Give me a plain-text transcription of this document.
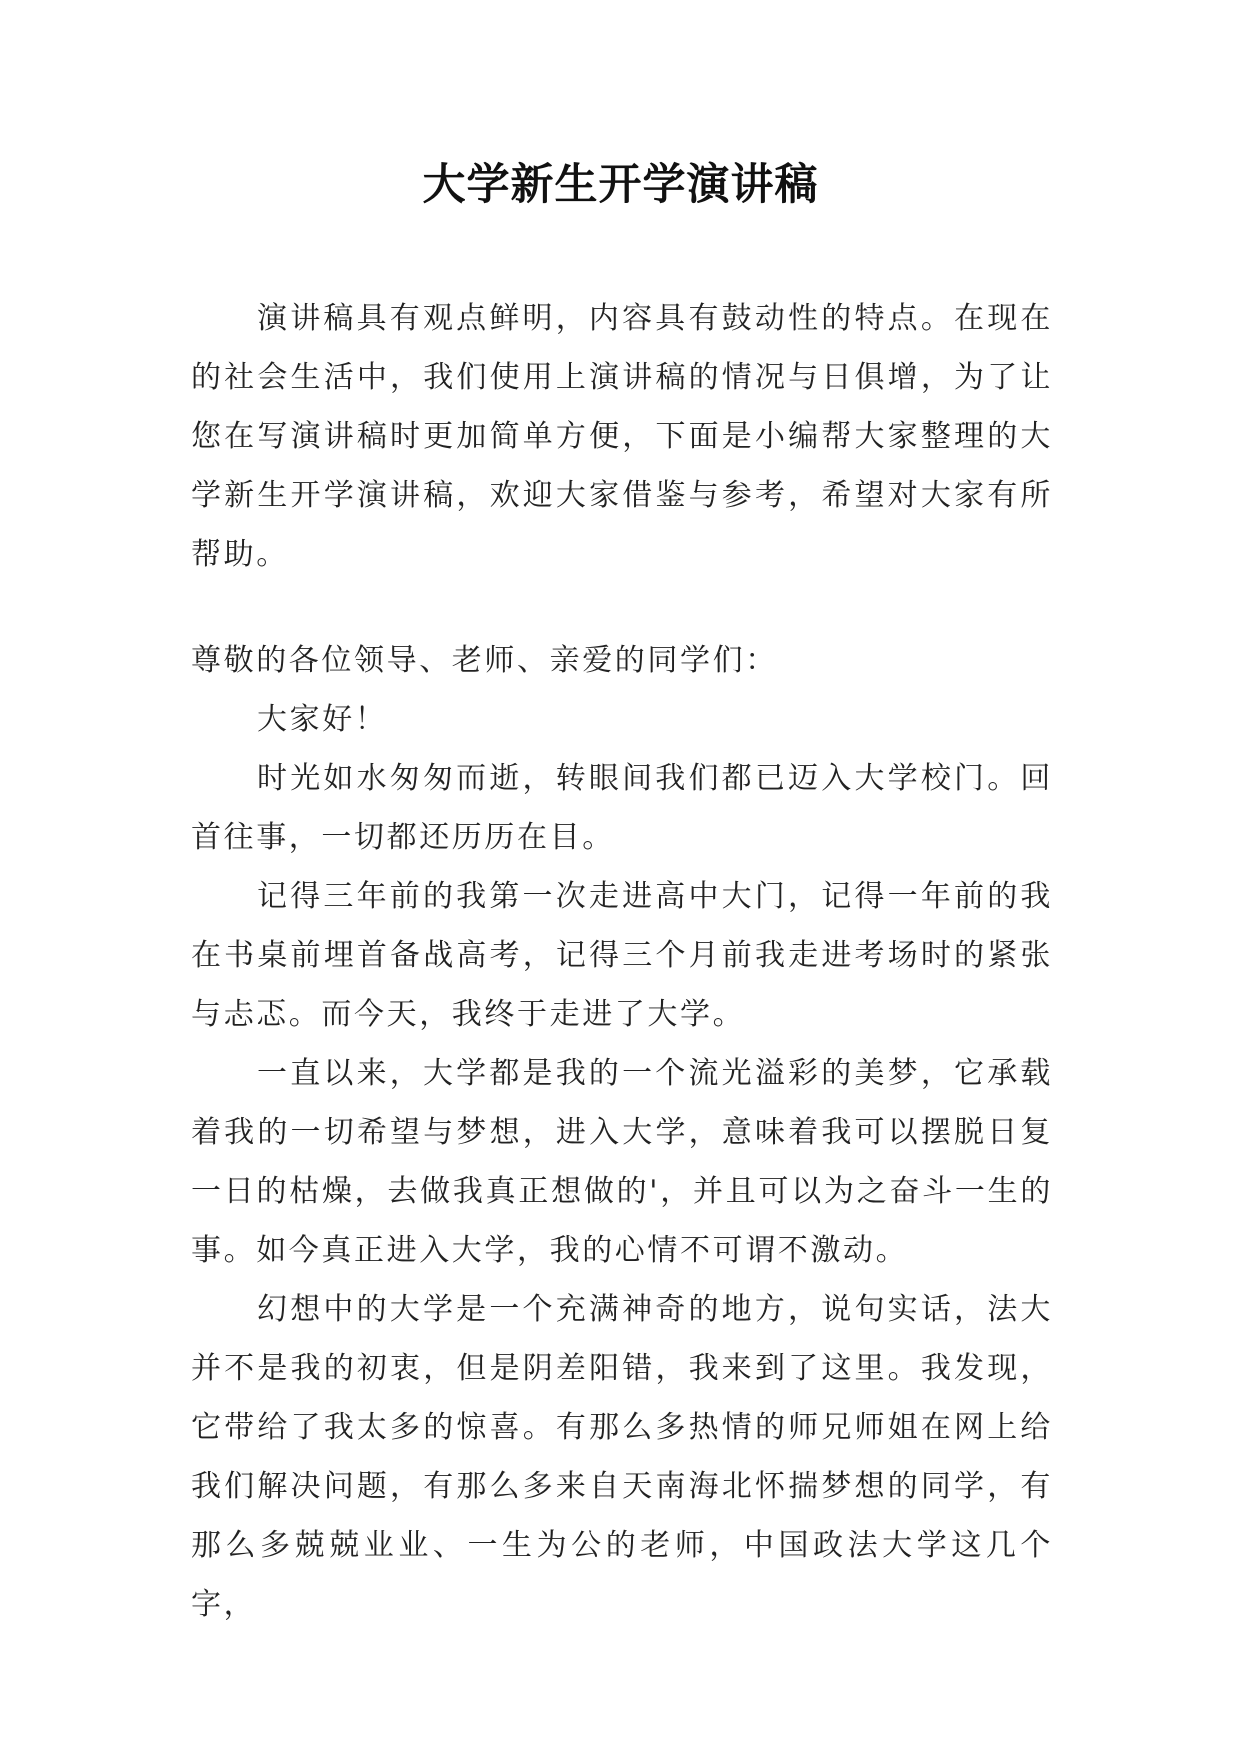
大学新生开学演讲稿

演讲稿具有观点鲜明，内容具有鼓动性的特点。在现在的社会生活中，我们使用上演讲稿的情况与日俱增，为了让您在写演讲稿时更加简单方便，下面是小编帮大家整理的大学新生开学演讲稿，欢迎大家借鉴与参考，希望对大家有所帮助。

尊敬的各位领导、老师、亲爱的同学们：

大家好！

时光如水匆匆而逝，转眼间我们都已迈入大学校门。回首往事，一切都还历历在目。

记得三年前的我第一次走进高中大门，记得一年前的我在书桌前埋首备战高考，记得三个月前我走进考场时的紧张与忐忑。而今天，我终于走进了大学。

一直以来，大学都是我的一个流光溢彩的美梦，它承载着我的一切希望与梦想，进入大学，意味着我可以摆脱日复一日的枯燥，去做我真正想做的'，并且可以为之奋斗一生的事。如今真正进入大学，我的心情不可谓不激动。

幻想中的大学是一个充满神奇的地方，说句实话，法大并不是我的初衷，但是阴差阳错，我来到了这里。我发现，它带给了我太多的惊喜。有那么多热情的师兄师姐在网上给我们解决问题，有那么多来自天南海北怀揣梦想的同学，有那么多兢兢业业、一生为公的老师，中国政法大学这几个字，
